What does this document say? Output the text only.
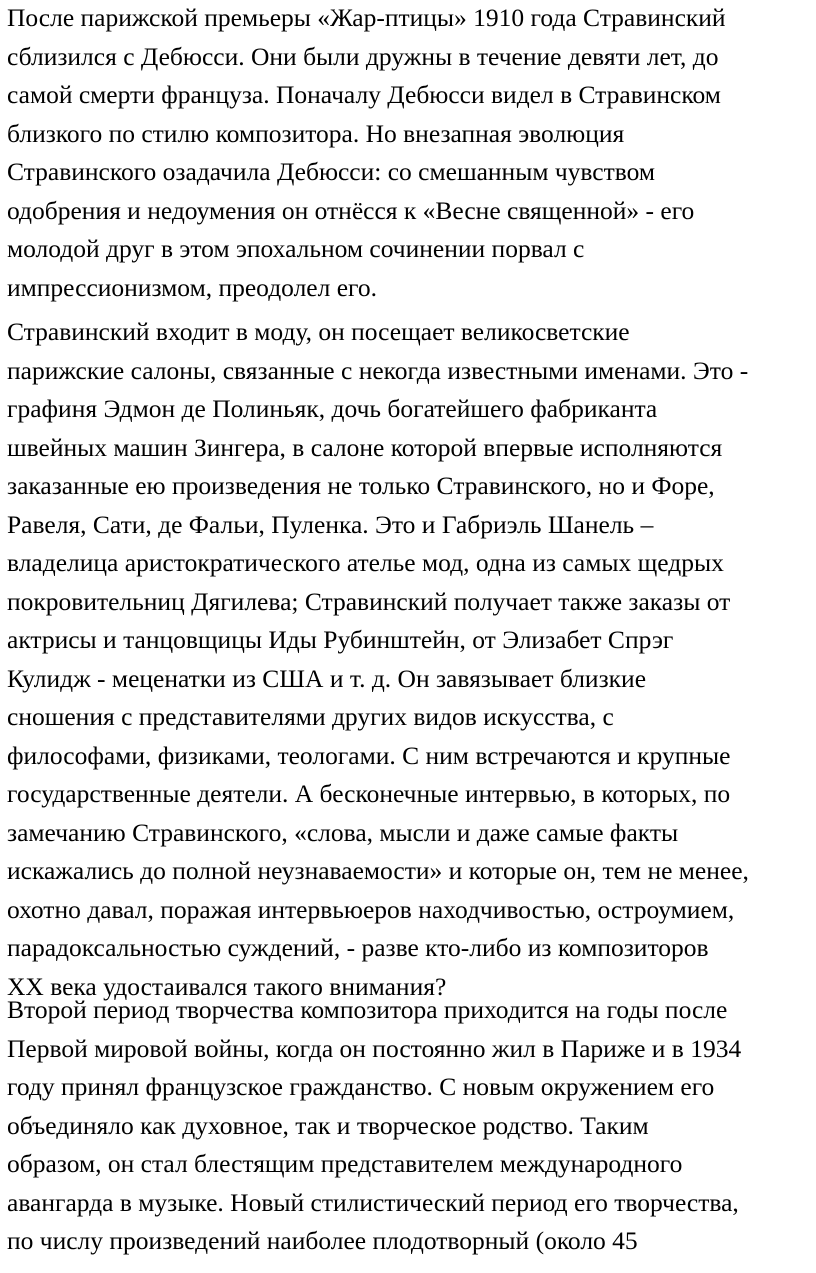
После парижской премьеры «Жар-птицы» 1910 года Стравинский
сблизился с Дебюсси. Они были дружны в течение девяти лет, до
самой смерти француза. Поначалу Дебюсси видел в Стравинском
близкого по стилю композитора. Но внезапная эволюция
Стравинского озадачила Дебюсси: со смешанным чувством
одобрения и недоумения он отнёсся к «Весне священной» - его
молодой друг в этом эпохальном сочинении порвал с
импрессионизмом, преодолел его.
Стравинский входит в моду, он посещает великосветские
парижские салоны, связанные с некогда известными именами. Это -
графиня Эдмон де Полиньяк, дочь богатейшего фабриканта
швейных машин Зингера, в салоне которой впервые исполняются
заказанные ею произведения не только Стравинского, но и Форе,
Равеля, Сати, де Фальи, Пуленка. Это и Габриэль Шанель –
владелица аристократического ателье мод, одна из самых щедрых
покровительниц Дягилева; Стравинский получает также заказы от
актрисы и танцовщицы Иды Рубинштейн, от Элизабет Спрэг
Кулидж - меценатки из США и т. д. Он завязывает близкие
сношения с представителями других видов искусства, с
философами, физиками, теологами. С ним встречаются и крупные
государственные деятели. А бесконечные интервью, в которых, по
замечанию Стравинского, «слова, мысли и даже самые факты
искажались до полной неузнаваемости» и которые он, тем не менее,
охотно давал, поражая интервьюеров находчивостью, остроумием,
парадоксальностью суждений, - разве кто-либо из композиторов
XX века удостаивался такого внимания?
Второй период творчества композитора приходится на годы после
Первой мировой войны, когда он постоянно жил в Париже и в 1934
году принял французское гражданство. С новым окружением его
объединяло как духовное, так и творческое родство. Таким
образом, он стал блестящим представителем международного
авангарда в музыке. Новый стилистический период его творчества,
по числу произведений наиболее плодотворный (около 45
